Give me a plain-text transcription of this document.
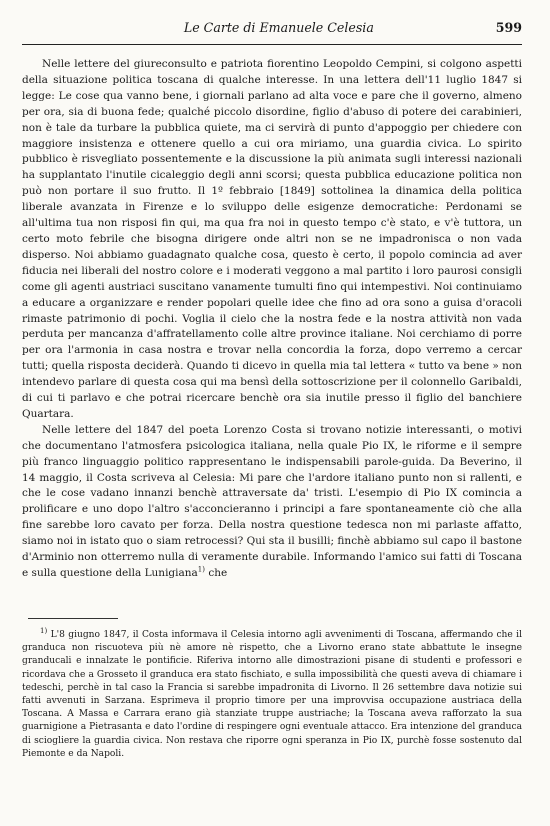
Le Carte di Emanuele Celesia	599

Nelle lettere del giureconsulto e patriota fiorentino Leopoldo Cempini, si colgono aspetti della situazione politica toscana di qualche interesse. In una lettera dell'11 luglio 1847 si legge: Le cose qua vanno bene, i giornali parlano ad alta voce e pare che il governo, almeno per ora, sia di buona fede; qualché piccolo disordine, figlio d'abuso di potere dei carabinieri, non è tale da turbare la pubblica quiete, ma ci servirà di punto d'appoggio per chiedere con maggiore insistenza e ottenere quello a cui ora miriamo, una guardia civica. Lo spirito pubblico è risvegliato possentemente e la discussione la più animata sugli interessi nazionali ha supplantato l'inutile cicaleggio degli anni scorsi; questa pubblica educazione politica non può non portare il suo frutto. Il 1º febbraio [1849] sottolinea la dinamica della politica liberale avanzata in Firenze e lo sviluppo delle esigenze democratiche: Perdonami se all'ultima tua non risposi fin qui, ma qua fra noi in questo tempo c'è stato, e v'è tuttora, un certo moto febrile che bisogna dirigere onde altri non se ne impadronisca o non vada disperso. Noi abbiamo guadagnato qualche cosa, questo è certo, il popolo comincia ad aver fiducia nei liberali del nostro colore e i moderati veggono a mal partito i loro paurosi consigli come gli agenti austriaci suscitano vanamente tumulti fino qui intempestivi. Noi continuiamo a educare a organizzare e render popolari quelle idee che fino ad ora sono a guisa d'oracoli rimaste patrimonio di pochi. Voglia il cielo che la nostra fede e la nostra attività non vada perduta per mancanza d'affratellamento colle altre province italiane. Noi cerchiamo di porre per ora l'armonia in casa nostra e trovar nella concordia la forza, dopo verremo a cercar tutti; quella risposta deciderà. Quando ti dicevo in quella mia tal lettera « tutto va bene » non intendevo parlare di questa cosa qui ma bensì della sottoscrizione per il colonnello Garibaldi, di cui ti parlavo e che potrai ricercare benchè ora sia inutile presso il figlio del banchiere Quartara.

Nelle lettere del 1847 del poeta Lorenzo Costa si trovano notizie interessanti, o motivi che documentano l'atmosfera psicologica italiana, nella quale Pio IX, le riforme e il sempre più franco linguaggio politico rappresentano le indispensabili parole-guida. Da Beverino, il 14 maggio, il Costa scriveva al Celesia: Mi pare che l'ardore italiano punto non si rallenti, e che le cose vadano innanzi benchè attraversate da' tristi. L'esempio di Pio IX comincia a prolificare e uno dopo l'altro s'acconcieranno i principi a fare spontaneamente ciò che alla fine sarebbe loro cavato per forza. Della nostra questione tedesca non mi parlaste affatto, siamo noi in istato quo o siam retrocessi? Qui sta il busilli; finchè abbiamo sul capo il bastone d'Arminio non otterremo nulla di veramente durabile. Informando l'amico sui fatti di Toscana e sulla questione della Lunigiana$^{1)}$ che

$^{1)}$ L'8 giugno 1847, il Costa informava il Celesia intorno agli avvenimenti di Toscana, affermando che il granduca non riscuoteva più nè amore nè rispetto, che a Livorno erano state abbattute le insegne granducali e innalzate le pontificie. Riferiva intorno alle dimostrazioni pisane di studenti e professori e ricordava che a Grosseto il granduca era stato fischiato, e sulla impossibilità che questi aveva di chiamare i tedeschi, perchè in tal caso la Francia si sarebbe impadronita di Livorno. Il 26 settembre dava notizie sui fatti avvenuti in Sarzana. Esprimeva il proprio timore per una improvvisa occupazione austriaca della Toscana. A Massa e Carrara erano già stanziate truppe austriache; la Toscana aveva rafforzato la sua guarnigione a Pietrasanta e dato l'ordine di respingere ogni eventuale attacco. Era intenzione del granduca di sciogliere la guardia civica. Non restava che riporre ogni speranza in Pio IX, purchè fosse sostenuto dal Piemonte e da Napoli.
